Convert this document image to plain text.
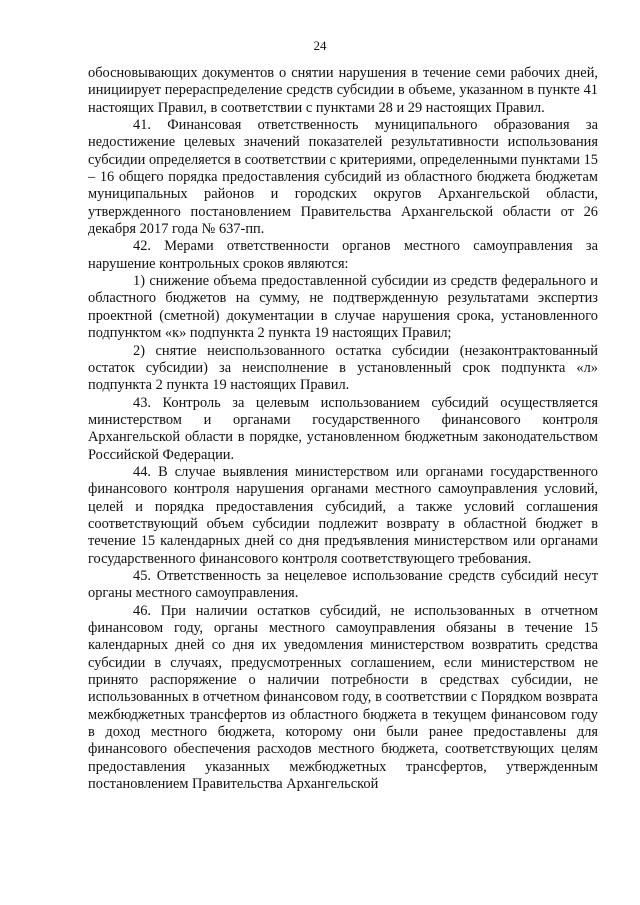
24

обосновывающих документов о снятии нарушения в течение семи рабочих дней, инициирует перераспределение средств субсидии в объеме, указанном в пункте 41 настоящих Правил, в соответствии с пунктами 28 и 29 настоящих Правил.

41. Финансовая ответственность муниципального образования за недостижение целевых значений показателей результативности использования субсидии определяется в соответствии с критериями, определенными пунктами 15 – 16 общего порядка предоставления субсидий из областного бюджета бюджетам муниципальных районов и городских округов Архангельской области, утвержденного постановлением Правительства Архангельской области от 26 декабря 2017 года № 637-пп.

42. Мерами ответственности органов местного самоуправления за нарушение контрольных сроков являются:

1) снижение объема предоставленной субсидии из средств федерального и областного бюджетов на сумму, не подтвержденную результатами экспертиз проектной (сметной) документации в случае нарушения срока, установленного подпунктом «к» подпункта 2 пункта 19 настоящих Правил;

2) снятие неиспользованного остатка субсидии (незаконтрактованный остаток субсидии) за неисполнение в установленный срок подпункта «л» подпункта 2 пункта 19 настоящих Правил.

43. Контроль за целевым использованием субсидий осуществляется министерством и органами государственного финансового контроля Архангельской области в порядке, установленном бюджетным законодательством Российской Федерации.

44. В случае выявления министерством или органами государственного финансового контроля нарушения органами местного самоуправления условий, целей и порядка предоставления субсидий, а также условий соглашения соответствующий объем субсидии подлежит возврату в областной бюджет в течение 15 календарных дней со дня предъявления министерством или органами государственного финансового контроля соответствующего требования.

45. Ответственность за нецелевое использование средств субсидий несут органы местного самоуправления.

46. При наличии остатков субсидий, не использованных в отчетном финансовом году, органы местного самоуправления обязаны в течение 15 календарных дней со дня их уведомления министерством возвратить средства субсидии в случаях, предусмотренных соглашением, если министерством не принято распоряжение о наличии потребности в средствах субсидии, не использованных в отчетном финансовом году, в соответствии с Порядком возврата межбюджетных трансфертов из областного бюджета в текущем финансовом году в доход местного бюджета, которому они были ранее предоставлены для финансового обеспечения расходов местного бюджета, соответствующих целям предоставления указанных межбюджетных трансфертов, утвержденным постановлением Правительства Архангельской
